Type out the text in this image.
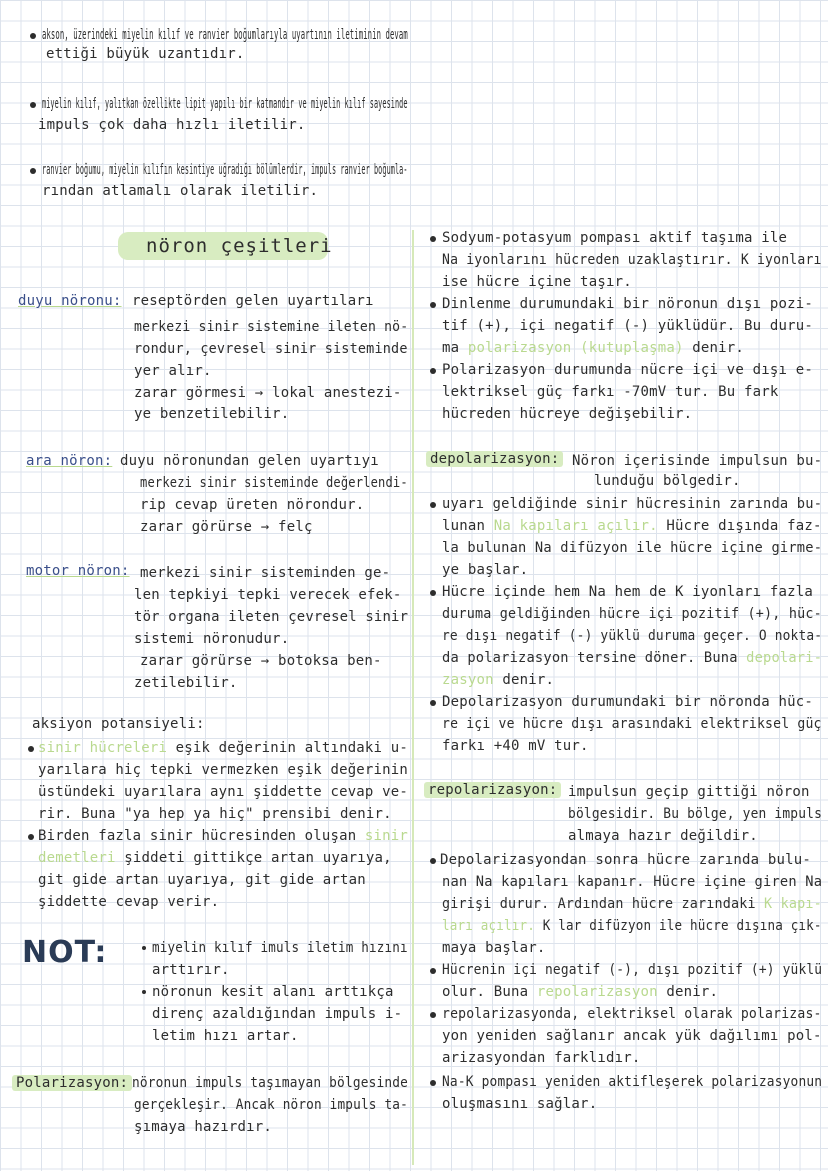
akson, üzerindeki miyelin kılıf ve ranvier boğumlarıyla uyartının iletiminin devam
ettiği büyük uzantıdır.
miyelin kılıf, yalıtkan özellikte lipit yapılı bir katmandır ve miyelin kılıf sayesinde
impuls çok daha hızlı iletilir.
ranvier boğumu, miyelin kılıfın kesintiye uğradığı bölümlerdir, impuls ranvier boğumla-
rından atlamalı olarak iletilir.
nöron çeşitleri
duyu nöronu: reseptörden gelen uyartıları
merkezi sinir sistemine ileten nö-
rondur, çevresel sinir sisteminde
yer alır.
zarar görmesi → lokal anestezi-
ye benzetilebilir.
ara nöron: duyu nöronundan gelen uyartıyı
merkezi sinir sisteminde değerlendi-
rip cevap üreten nörondur.
zarar görürse → felç
motor nöron: merkezi sinir sisteminden ge-
len tepkiyi tepki verecek efek-
tör organa ileten çevresel sinir
sistemi nöronudur.
zarar görürse → botoksa ben-
zetilebilir.
aksiyon potansiyeli:
sinir hücreleri eşik değerinin altındaki u-
yarılara hiç tepki vermezken eşik değerinin
üstündeki uyarılara aynı şiddette cevap ve-
rir. Buna "ya hep ya hiç" prensibi denir.
Birden fazla sinir hücresinden oluşan sinir
demetleri şiddeti gittikçe artan uyarıya,
git gide artan uyarıya, git gide artan
şiddette cevap verir.
NOT:	miyelin kılıf imuls iletim hızını
arttırır.
nöronun kesit alanı arttıkça
direnç azaldığından impuls i-
letim hızı artar.
Polarizasyon: nöronun impuls taşımayan bölgesinde
gerçekleşir. Ancak nöron impuls ta-
şımaya hazırdır.
Sodyum-potasyum pompası aktif taşıma ile
Na iyonlarını hücreden uzaklaştırır. K iyonları
ise hücre içine taşır.
Dinlenme durumundaki bir nöronun dışı pozi-
tif (+), içi negatif (-) yüklüdür. Bu duru-
ma polarizasyon (kutuplaşma) denir.
Polarizasyon durumunda nücre içi ve dışı e-
lektriksel güç farkı -70mV tur. Bu fark
hücreden hücreye değişebilir.
depolarizasyon: Nöron içerisinde impulsun bu-
lunduğu bölgedir.
uyarı geldiğinde sinir hücresinin zarında bu-
lunan Na kapıları açılır. Hücre dışında faz-
la bulunan Na difüzyon ile hücre içine girme-
ye başlar.
Hücre içinde hem Na hem de K iyonları fazla
duruma geldiğinden hücre içi pozitif (+), hüc-
re dışı negatif (-) yüklü duruma geçer. O nokta-
da polarizasyon tersine döner. Buna depolari-
zasyon denir.
Depolarizasyon durumundaki bir nöronda hüc-
re içi ve hücre dışı arasındaki elektriksel güç
farkı +40 mV tur.
repolarizasyon: impulsun geçip gittiği nöron
bölgesidir. Bu bölge, yen impuls
almaya hazır değildir.
Depolarizasyondan sonra hücre zarında bulu-
nan Na kapıları kapanır. Hücre içine giren Na
girişi durur. Ardından hücre zarındaki K kapı-
ları açılır. K lar difüzyon ile hücre dışına çık-
maya başlar.
Hücrenin içi negatif (-), dışı pozitif (+) yüklü
olur. Buna repolarizasyon denir.
repolarizasyonda, elektriksel olarak polarizas-
yon yeniden sağlanır ancak yük dağılımı pol-
arizasyondan farklıdır.
Na-K pompası yeniden aktifleşerek polarizasyonun
oluşmasını sağlar.
